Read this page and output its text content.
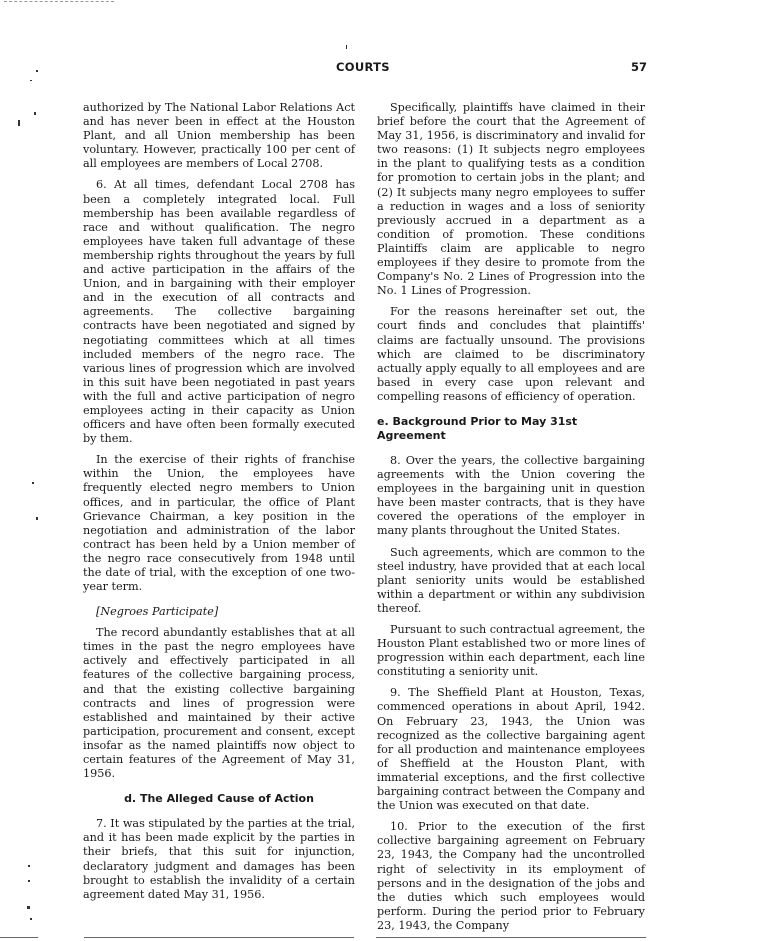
COURTS	57

authorized by The National Labor Relations Act and has never been in effect at the Houston Plant, and all Union membership has been voluntary. However, practically 100 per cent of all employees are members of Local 2708.

6. At all times, defendant Local 2708 has been a completely integrated local. Full membership has been available regardless of race and without qualification. The negro employees have taken full advantage of these membership rights throughout the years by full and active participation in the affairs of the Union, and in bargaining with their employer and in the execution of all contracts and agreements. The collective bargaining contracts have been negotiated and signed by negotiating committees which at all times included members of the negro race. The various lines of progression which are involved in this suit have been negotiated in past years with the full and active participation of negro employees acting in their capacity as Union officers and have often been formally executed by them.

In the exercise of their rights of franchise within the Union, the employees have frequently elected negro members to Union offices, and in particular, the office of Plant Grievance Chairman, a key position in the negotiation and administration of the labor contract has been held by a Union member of the negro race consecutively from 1948 until the date of trial, with the exception of one two-year term.

[Negroes Participate]

The record abundantly establishes that at all times in the past the negro employees have actively and effectively participated in all features of the collective bargaining process, and that the existing collective bargaining contracts and lines of progression were established and maintained by their active participation, procurement and consent, except insofar as the named plaintiffs now object to certain features of the Agreement of May 31, 1956.

d. The Alleged Cause of Action

7. It was stipulated by the parties at the trial, and it has been made explicit by the parties in their briefs, that this suit for injunction, declaratory judgment and damages has been brought to establish the invalidity of a certain agreement dated May 31, 1956.

Specifically, plaintiffs have claimed in their brief before the court that the Agreement of May 31, 1956, is discriminatory and invalid for two reasons: (1) It subjects negro employees in the plant to qualifying tests as a condition for promotion to certain jobs in the plant; and (2) It subjects many negro employees to suffer a reduction in wages and a loss of seniority previously accrued in a department as a condition of promotion. These conditions Plaintiffs claim are applicable to negro employees if they desire to promote from the Company's No. 2 Lines of Progression into the No. 1 Lines of Progression.

For the reasons hereinafter set out, the court finds and concludes that plaintiffs' claims are factually unsound. The provisions which are claimed to be discriminatory actually apply equally to all employees and are based in every case upon relevant and compelling reasons of efficiency of operation.

e. Background Prior to May 31st Agreement

8. Over the years, the collective bargaining agreements with the Union covering the employees in the bargaining unit in question have been master contracts, that is they have covered the operations of the employer in many plants throughout the United States.

Such agreements, which are common to the steel industry, have provided that at each local plant seniority units would be established within a department or within any subdivision thereof.

Pursuant to such contractual agreement, the Houston Plant established two or more lines of progression within each department, each line constituting a seniority unit.

9. The Sheffield Plant at Houston, Texas, commenced operations in about April, 1942. On February 23, 1943, the Union was recognized as the collective bargaining agent for all production and maintenance employees of Sheffield at the Houston Plant, with immaterial exceptions, and the first collective bargaining contract between the Company and the Union was executed on that date.

10. Prior to the execution of the first collective bargaining agreement on February 23, 1943, the Company had the uncontrolled right of selectivity in its employment of persons and in the designation of the jobs and the duties which such employees would perform. During the period prior to February 23, 1943, the Company
